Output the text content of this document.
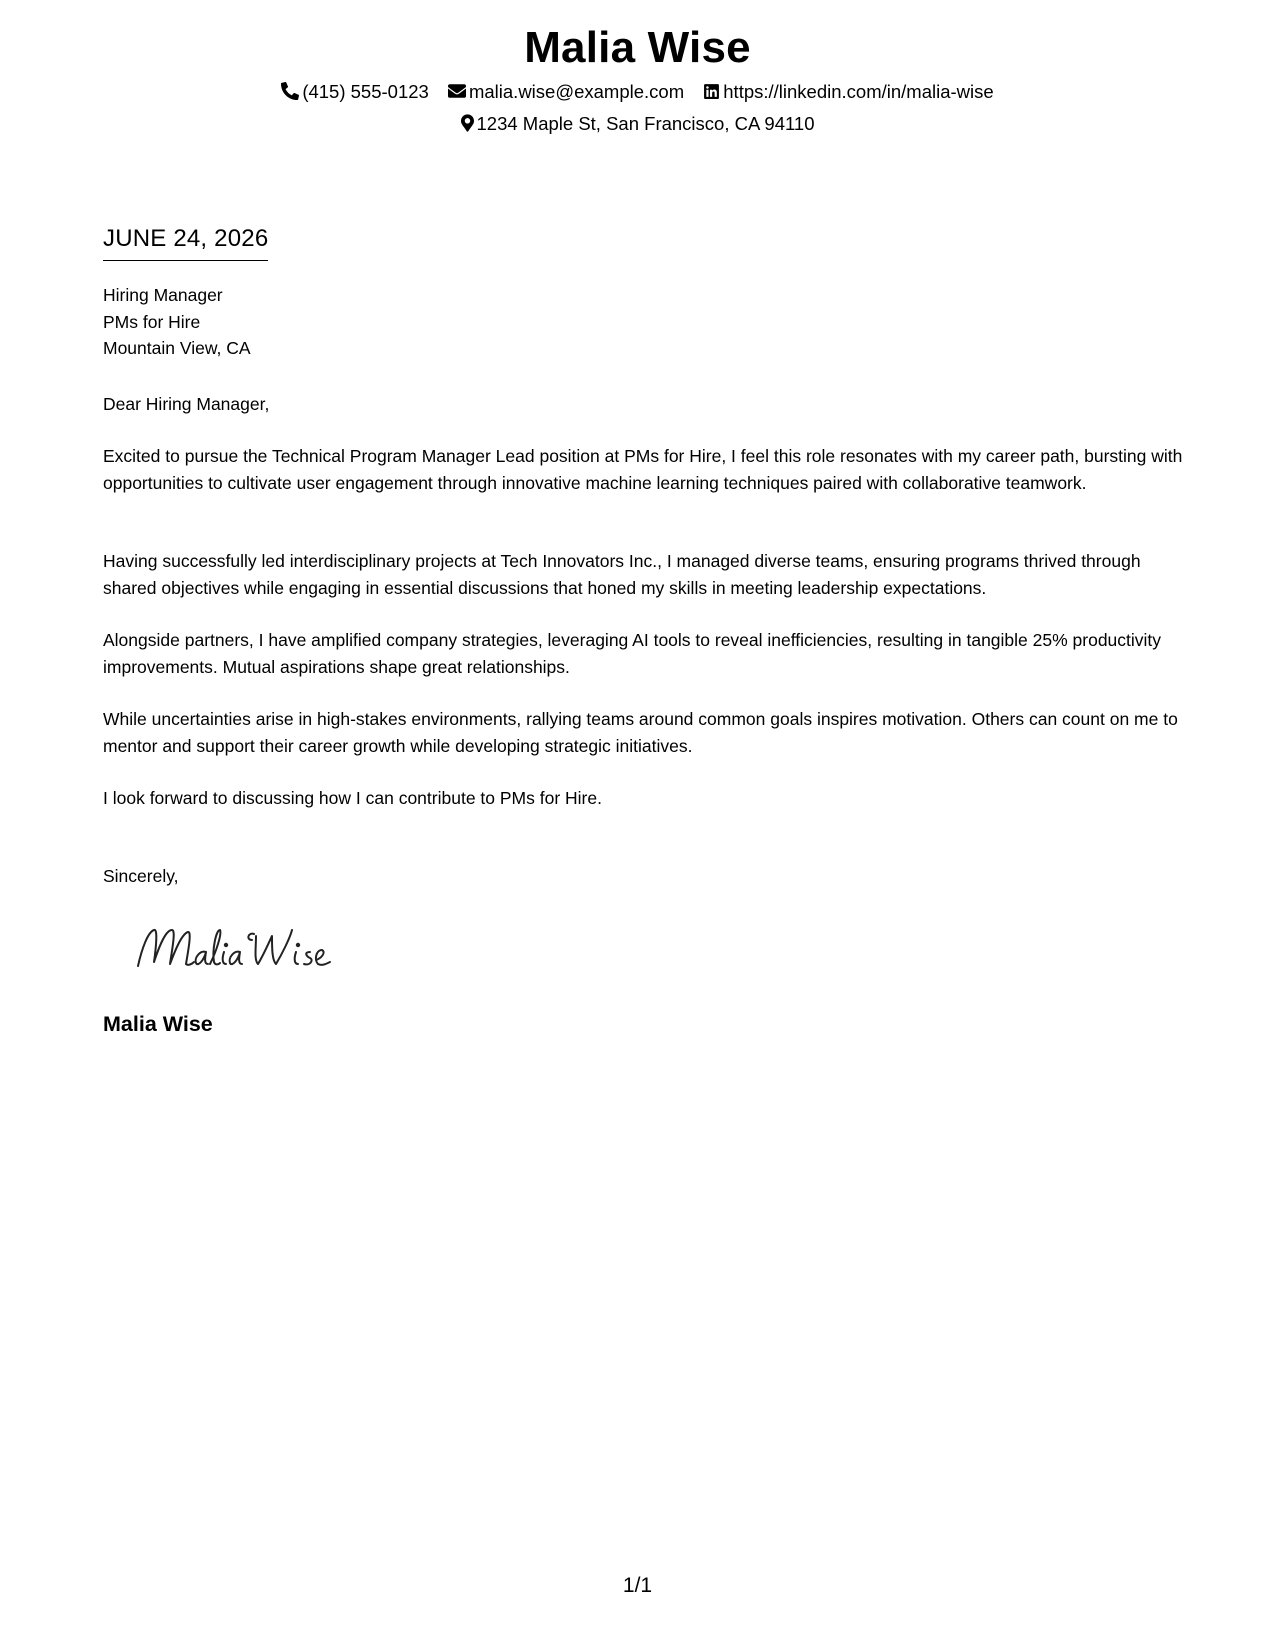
Malia Wise
(415) 555-0123 malia.wise@example.com https://linkedin.com/in/malia-wise
1234 Maple St, San Francisco, CA 94110
JUNE 24, 2026
Hiring Manager
PMs for Hire
Mountain View, CA
Dear Hiring Manager,
Excited to pursue the Technical Program Manager Lead position at PMs for Hire, I feel this role resonates with my career path, bursting with opportunities to cultivate user engagement through innovative machine learning techniques paired with collaborative teamwork.
Having successfully led interdisciplinary projects at Tech Innovators Inc., I managed diverse teams, ensuring programs thrived through shared objectives while engaging in essential discussions that honed my skills in meeting leadership expectations.
Alongside partners, I have amplified company strategies, leveraging AI tools to reveal inefficiencies, resulting in tangible 25% productivity improvements. Mutual aspirations shape great relationships.
While uncertainties arise in high-stakes environments, rallying teams around common goals inspires motivation. Others can count on me to mentor and support their career growth while developing strategic initiatives.
I look forward to discussing how I can contribute to PMs for Hire.
Sincerely,
Malia Wise
1/1
